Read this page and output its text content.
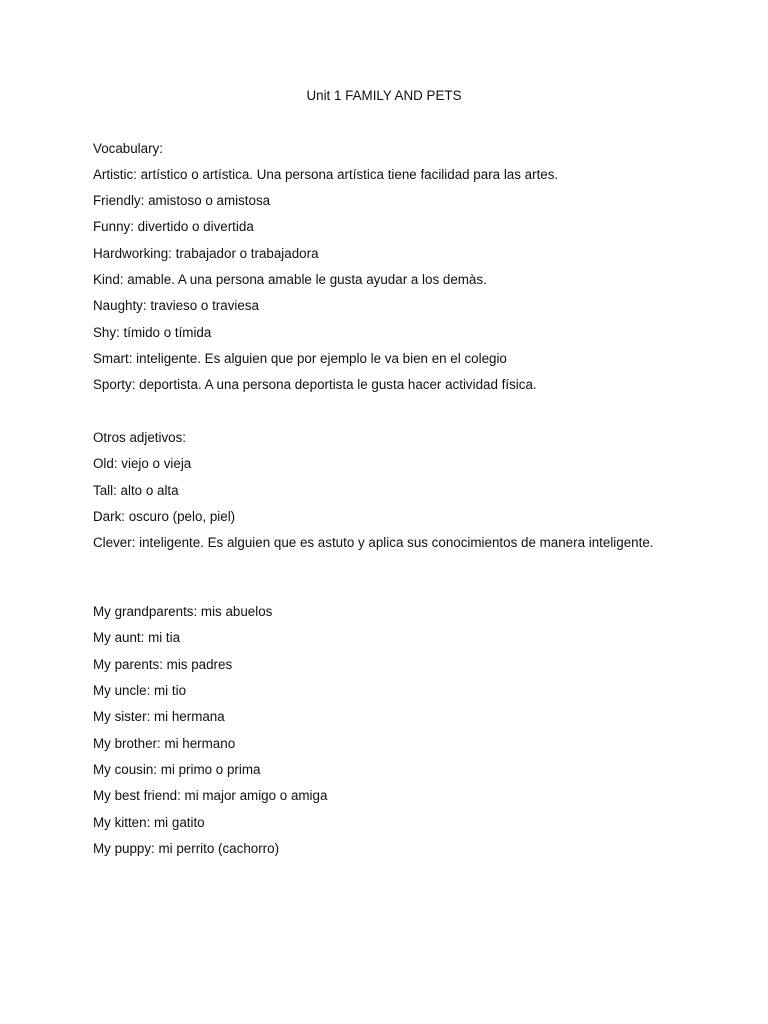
Unit 1 FAMILY AND PETS
Vocabulary:
Artistic: artístico o artística. Una persona artística tiene facilidad para las artes.
Friendly: amistoso o amistosa
Funny: divertido o divertida
Hardworking: trabajador o trabajadora
Kind: amable. A una persona amable le gusta ayudar a los demàs.
Naughty: travieso o traviesa
Shy: tímido o tímida
Smart: inteligente. Es alguien que por ejemplo le va bien en el colegio
Sporty: deportista. A una persona deportista le gusta hacer actividad física.
Otros adjetivos:
Old: viejo o vieja
Tall: alto o alta
Dark: oscuro (pelo, piel)
Clever: inteligente. Es alguien que es astuto y aplica sus conocimientos de manera inteligente.
My grandparents: mis abuelos
My aunt: mi tia
My parents: mis padres
My uncle: mi tio
My sister: mi hermana
My brother: mi hermano
My cousin: mi primo o prima
My best friend: mi major amigo o amiga
My kitten: mi gatito
My puppy: mi perrito (cachorro)
